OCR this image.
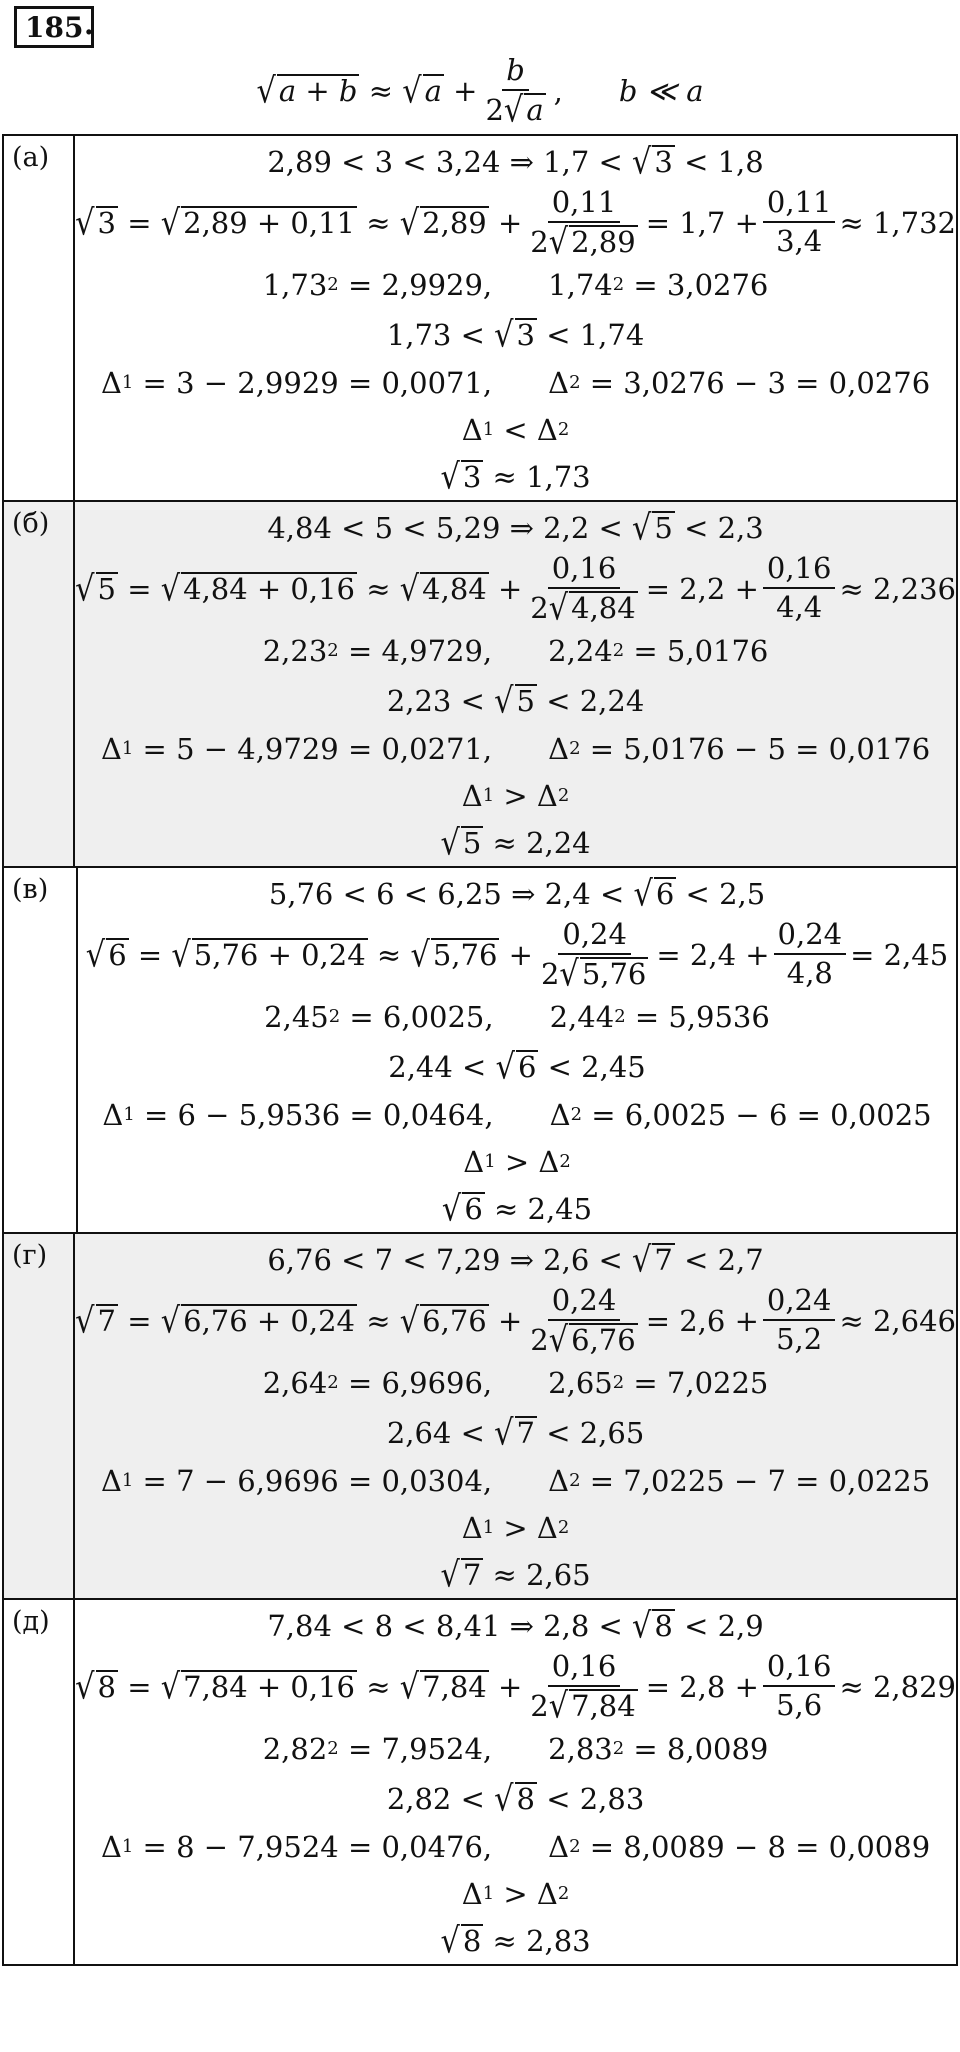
185 .
√ a + b
≈
√ a
+ $\frac{b}{2√ a}$ , b ≪ a
(а)	2,89 < 3 < 3,24 ⇒ 1,7 <
√ 3
< 1,8
√ 3
=
√ 2,89 + 0,11
≈
√ 2,89
+ $\frac{0,11}{2√ 2,89} = 1,7 + \frac{0,11}{3,4} \approx 1,732$
1,73 2
= 2,9929, 1,74 2
= 3,0276
1,73 <
√ 3
< 1,74
Δ 1
= 3 − 2,9929 = 0,0071, Δ 2
= 3,0276 − 3 = 0,0276
Δ 1
<
Δ 2
√ 3
≈ 1,73
(б)	4,84 < 5 < 5,29 ⇒ 2,2 <
√ 5
< 2,3
√ 5
=
√ 4,84 + 0,16
≈
√ 4,84
+ $\frac{0,16}{2√ 4,84} = 2,2 + \frac{0,16}{4,4} \approx 2,236$
2,23 2
= 4,9729, 2,24 2
= 5,0176
2,23 <
√ 5
< 2,24
Δ 1
= 5 − 4,9729 = 0,0271, Δ 2
= 5,0176 − 5 = 0,0176
Δ 1
>
Δ 2
√ 5
≈ 2,24
(в)	5,76 < 6 < 6,25 ⇒ 2,4 <
√ 6
< 2,5
√ 6
=
√ 5,76 + 0,24
≈
√ 5,76
+ $\frac{0,24}{2√ 5,76} = 2,4 + \frac{0,24}{4,8} = 2,45$
2,45 2
= 6,0025, 2,44 2
= 5,9536
2,44 <
√ 6
< 2,45
Δ 1
= 6 − 5,9536 = 0,0464, Δ 2
= 6,0025 − 6 = 0,0025
Δ 1
>
Δ 2
√ 6
≈ 2,45
(г)	6,76 < 7 < 7,29 ⇒ 2,6 <
√ 7
< 2,7
√ 7
=
√ 6,76 + 0,24
≈
√ 6,76
+ $\frac{0,24}{2√ 6,76} = 2,6 + \frac{0,24}{5,2} \approx 2,646$
2,64 2
= 6,9696, 2,65 2
= 7,0225
2,64 <
√ 7
< 2,65
Δ 1
= 7 − 6,9696 = 0,0304, Δ 2
= 7,0225 − 7 = 0,0225
Δ 1
>
Δ 2
√ 7
≈ 2,65
(д)	7,84 < 8 < 8,41 ⇒ 2,8 <
√ 8
< 2,9
√ 8
=
√ 7,84 + 0,16
≈
√ 7,84
+ $\frac{0,16}{2√ 7,84} = 2,8 + \frac{0,16}{5,6} \approx 2,829$
2,82 2
= 7,9524, 2,83 2
= 8,0089
2,82 <
√ 8
< 2,83
Δ 1
= 8 − 7,9524 = 0,0476, Δ 2
= 8,0089 − 8 = 0,0089
Δ 1
>
Δ 2
√ 8
≈ 2,83
